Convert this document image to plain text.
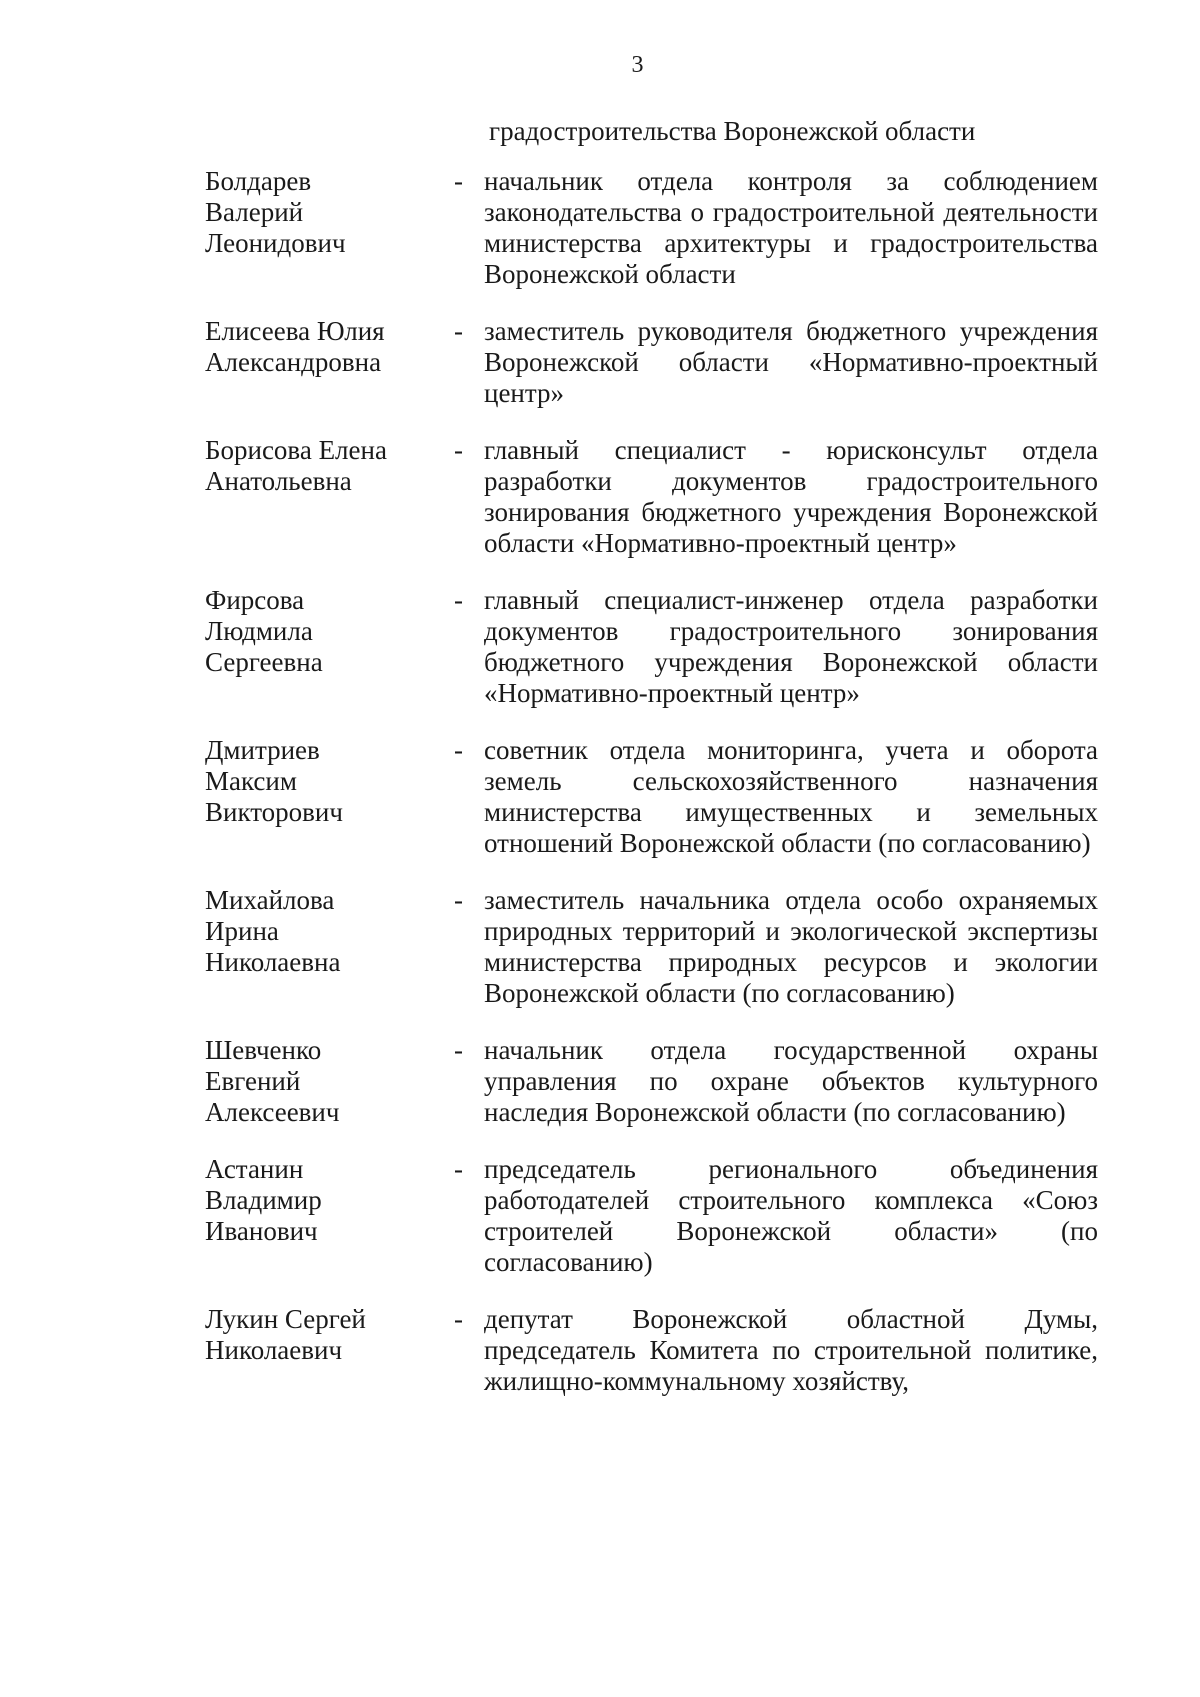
3
градостроительства Воронежской области
Болдарев
Валерий
Леонидович
- начальник отдела контроля за соблюдением законодательства о градостроительной деятельности министерства архитектуры и градостроительства Воронежской области
Елисеева Юлия
Александровна
- заместитель руководителя бюджетного учреждения Воронежской области «Нормативно-проектный центр»
Борисова Елена
Анатольевна
- главный специалист - юрисконсульт отдела разработки документов градостроительного зонирования бюджетного учреждения Воронежской области «Нормативно-проектный центр»
Фирсова
Людмила
Сергеевна
- главный специалист-инженер отдела разработки документов градостроительного зонирования бюджетного учреждения Воронежской области «Нормативно-проектный центр»
Дмитриев
Максим
Викторович
- советник отдела мониторинга, учета и оборота земель сельскохозяйственного назначения министерства имущественных и земельных отношений Воронежской области (по согласованию)
Михайлова
Ирина
Николаевна
- заместитель начальника отдела особо охраняемых природных территорий и экологической экспертизы министерства природных ресурсов и экологии Воронежской области (по согласованию)
Шевченко
Евгений
Алексеевич
- начальник отдела государственной охраны управления по охране объектов культурного наследия Воронежской области (по согласованию)
Астанин
Владимир
Иванович
- председатель регионального объединения работодателей строительного комплекса «Союз строителей Воронежской области» (по согласованию)
Лукин Сергей
Николаевич
- депутат Воронежской областной Думы, председатель Комитета по строительной политике, жилищно-коммунальному хозяйству,
